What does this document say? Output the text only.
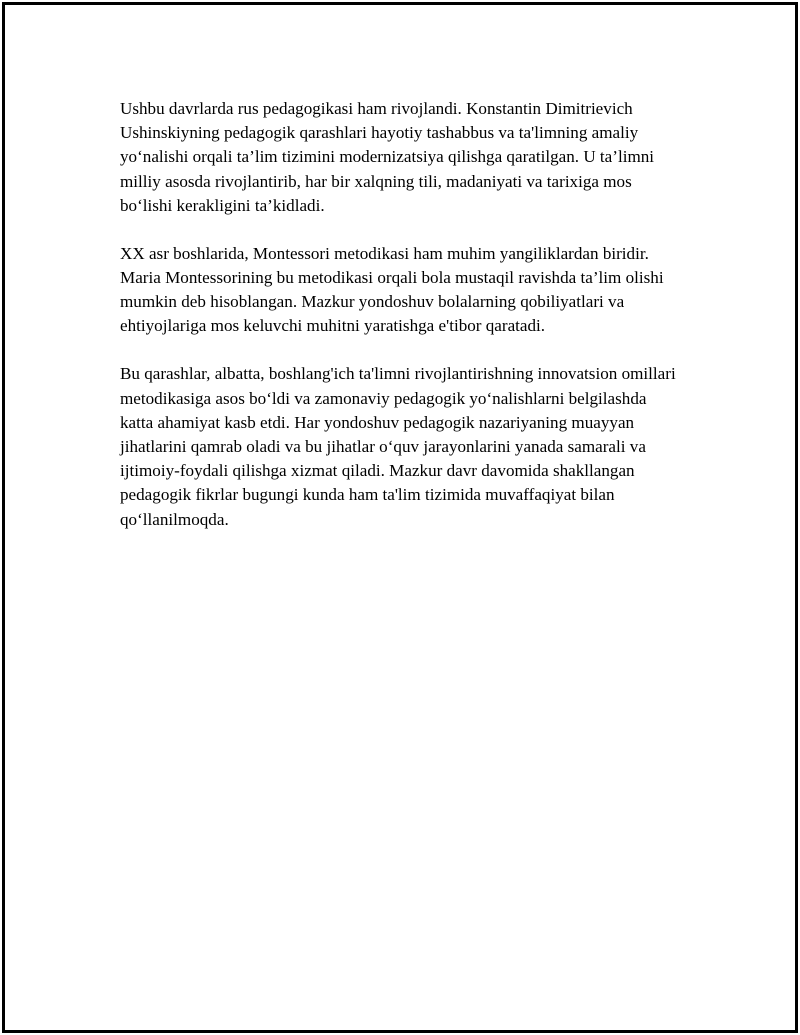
Ushbu davrlarda rus pedagogikasi ham rivojlandi. Konstantin Dimitrievich Ushinskiyning pedagogik qarashlari hayotiy tashabbus va ta'limning amaliy yo‘nalishi orqali ta’lim tizimini modernizatsiya qilishga qaratilgan. U ta’limni milliy asosda rivojlantirib, har bir xalqning tili, madaniyati va tarixiga mos bo‘lishi kerakligini ta’kidladi.

XX asr boshlarida, Montessori metodikasi ham muhim yangiliklardan biridir. Maria Montessorining bu metodikasi orqali bola mustaqil ravishda ta’lim olishi mumkin deb hisoblangan. Mazkur yondoshuv bolalarning qobiliyatlari va ehtiyojlariga mos keluvchi muhitni yaratishga e'tibor qaratadi.

Bu qarashlar, albatta, boshlang'ich ta'limni rivojlantirishning innovatsion omillari metodikasiga asos bo‘ldi va zamonaviy pedagogik yo‘nalishlarni belgilashda katta ahamiyat kasb etdi. Har yondoshuv pedagogik nazariyaning muayyan jihatlarini qamrab oladi va bu jihatlar o‘quv jarayonlarini yanada samarali va ijtimoiy-foydali qilishga xizmat qiladi. Mazkur davr davomida shakllangan pedagogik fikrlar bugungi kunda ham ta'lim tizimida muvaffaqiyat bilan qo‘llanilmoqda.
